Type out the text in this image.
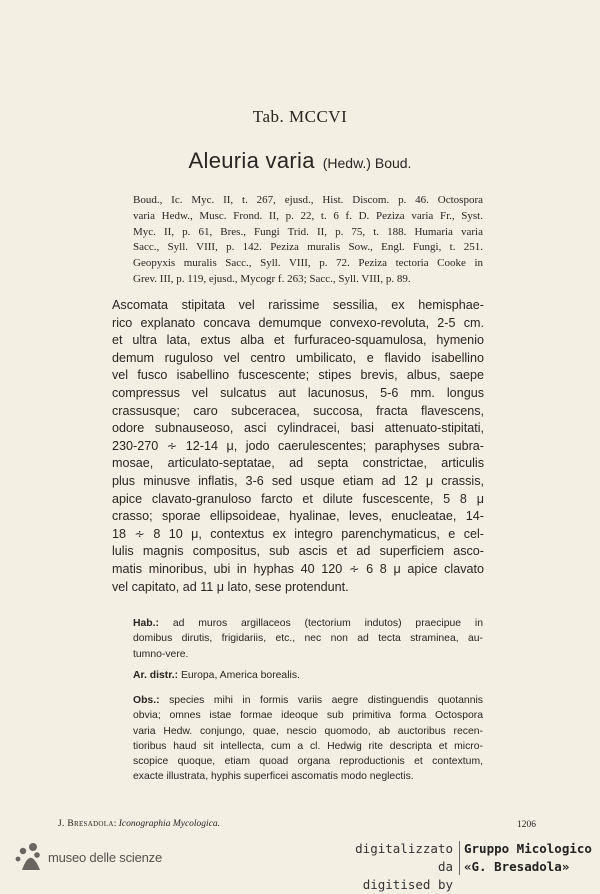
Tab. MCCVI
Aleuria varia (Hedw.) Boud.
Boud., Ic. Myc. II, t. 267, ejusd., Hist. Discom. p. 46. Octospora
varia Hedw., Musc. Frond. II, p. 22, t. 6 f. D. Peziza varia Fr., Syst.
Myc. II, p. 61, Bres., Fungi Trid. II, p. 75, t. 188. Humaria varia
Sacc., Syll. VIII, p. 142. Peziza muralis Sow., Engl. Fungi, t. 251.
Geopyxis muralis Sacc., Syll. VIII, p. 72. Peziza tectoria Cooke in
Grev. III, p. 119, ejusd., Mycogr f. 263; Sacc., Syll. VIII, p. 89.
Ascomata stipitata vel rarissime sessilia, ex hemisphae-
rico explanato concava demumque convexo-revoluta, 2-5 cm.
et ultra lata, extus alba et furfuraceo-squamulosa, hymenio
demum ruguloso vel centro umbilicato, e flavido isabellino
vel fusco isabellino fuscescente; stipes brevis, albus, saepe
compressus vel sulcatus aut lacunosus, 5-6 mm. longus
crassusque; caro subceracea, succosa, fracta flavescens,
odore subnauseoso, asci cylindracei, basi attenuato-stipitati,
230-270 ∻ 12-14 μ, jodo caerulescentes; paraphyses subra-
mosae, articulato-septatae, ad septa constrictae, articulis
plus minusve inflatis, 3-6 sed usque etiam ad 12 μ crassis,
apice clavato-granuloso farcto et dilute fuscescente, 5 8 μ
crasso; sporae ellipsoideae, hyalinae, leves, enucleatae, 14-
18 ∻ 8 10 μ, contextus ex integro parenchymaticus, e cel-
lulis magnis compositus, sub ascis et ad superficiem asco-
matis minoribus, ubi in hyphas 40 120 ∻ 6 8 μ apice clavato
vel capitato, ad 11 μ lato, sese protendunt.
Hab.: ad muros argillaceos (tectorium indutos) praecipue in
domibus dirutis, frigidariis, etc., nec non ad tecta straminea, au-
tumno-vere.
Ar. distr.: Europa, America borealis.
Obs.: species mihi in formis variis aegre distinguendis quotannis
obvia; omnes istae formae ideoque sub primitiva forma Octospora
varia Hedw. conjungo, quae, nescio quomodo, ab auctoribus recen-
tioribus haud sit intellecta, cum a cl. Hedwig rite descripta et micro-
scopice quoque, etiam quoad organa reproductionis et contextum,
exacte illustrata, hyphis superficei ascomatis modo neglectis.
J. Bresadola: Iconographia Mycologica.	1206
museo delle scienze
digitalizzato da
digitised by
Gruppo Micologico
«G. Bresadola»
